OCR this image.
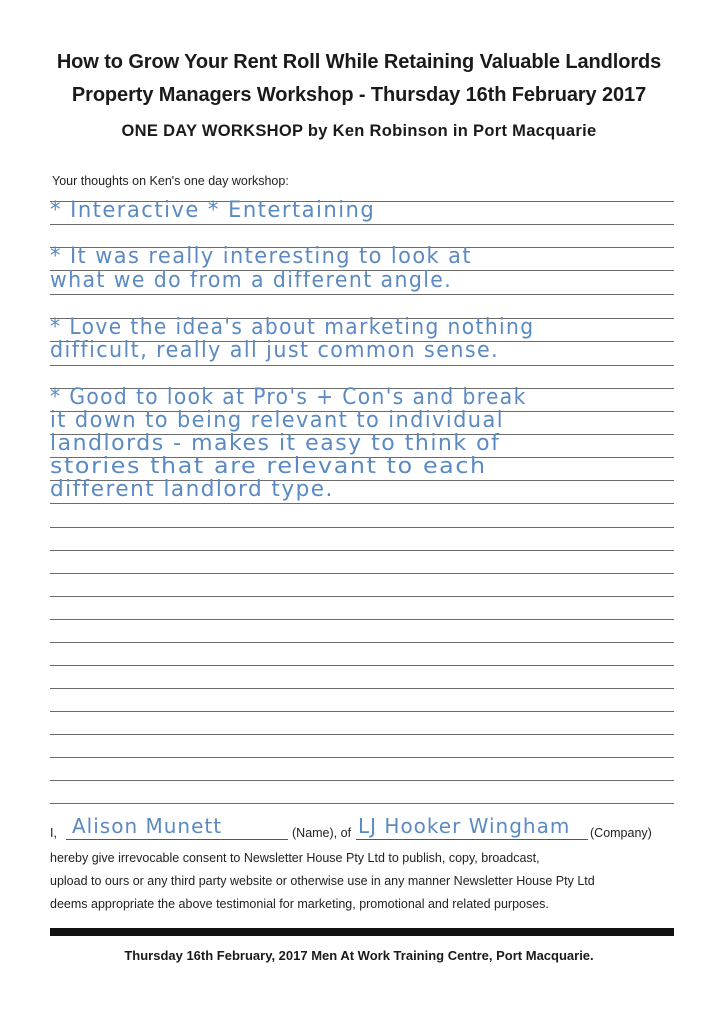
How to Grow Your Rent Roll While Retaining Valuable Landlords
Property Managers Workshop - Thursday 16th February 2017
ONE DAY WORKSHOP by Ken Robinson in Port Macquarie
Your thoughts on Ken's one day workshop:
* Interactive * Entertaining
* It was really interesting to look at
what we do from a different angle.
* Love the idea's about marketing nothing
difficult, really all just common sense.
* Good to look at Pro's + Con's and break
it down to being relevant to individual
landlords - makes it easy to think of
stories that are relevant to each
different landlord type.
I, Alison Munett	(Name), of LJ Hooker Wingham (Company)
hereby give irrevocable consent to Newsletter House Pty Ltd to publish, copy, broadcast,
upload to ours or any third party website or otherwise use in any manner Newsletter House Pty Ltd
deems appropriate the above testimonial for marketing, promotional and related purposes.
Thursday 16th February, 2017 Men At Work Training Centre, Port Macquarie.
